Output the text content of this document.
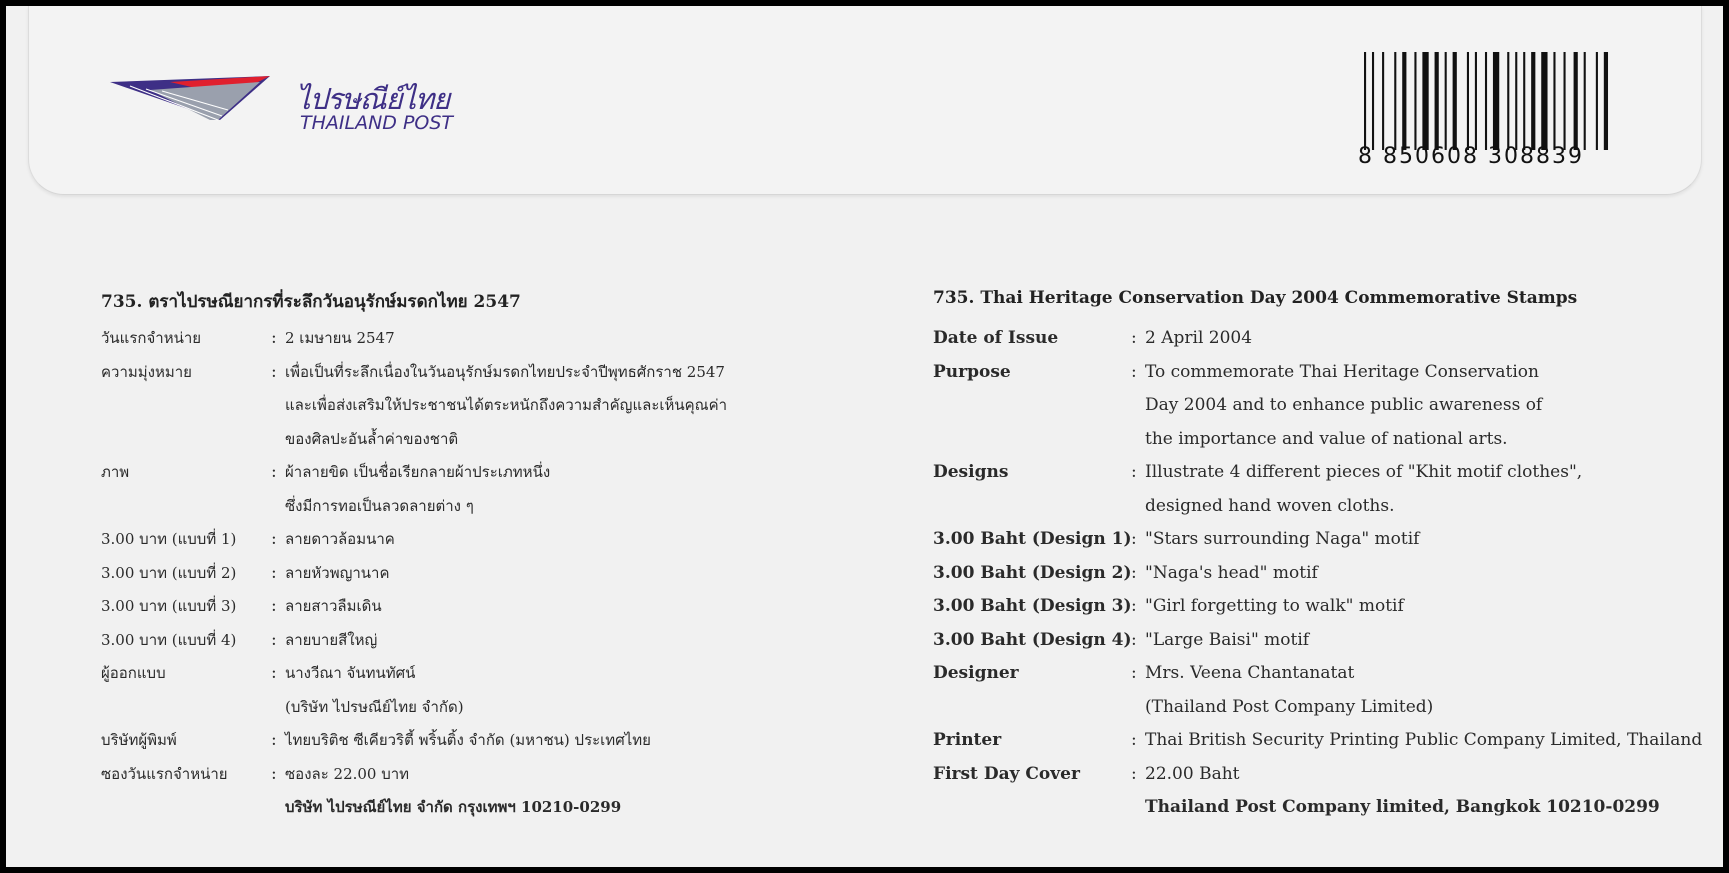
ไปรษณีย์ไทย
THAILAND POST
8 850608 308839
735. ตราไปรษณียากรที่ระลึกวันอนุรักษ์มรดกไทย 2547
วันแรกจำหน่าย	: 2 เมษายน 2547
ความมุ่งหมาย	: เพื่อเป็นที่ระลึกเนื่องในวันอนุรักษ์มรดกไทยประจำปีพุทธศักราช 2547
และเพื่อส่งเสริมให้ประชาชนได้ตระหนักถึงความสำคัญและเห็นคุณค่า
ของศิลปะอันล้ำค่าของชาติ
ภาพ	: ผ้าลายขิด เป็นชื่อเรียกลายผ้าประเภทหนึ่ง
ซึ่งมีการทอเป็นลวดลายต่าง ๆ
3.00 บาท (แบบที่ 1)	: ลายดาวล้อมนาค
3.00 บาท (แบบที่ 2)	: ลายหัวพญานาค
3.00 บาท (แบบที่ 3)	: ลายสาวลืมเดิน
3.00 บาท (แบบที่ 4)	: ลายบายสีใหญ่
ผู้ออกแบบ	: นางวีณา จันทนทัศน์
(บริษัท ไปรษณีย์ไทย จำกัด)
บริษัทผู้พิมพ์	: ไทยบริติช ซีเคียวริตี้ พริ้นติ้ง จำกัด (มหาชน) ประเทศไทย
ซองวันแรกจำหน่าย	: ซองละ 22.00 บาท
บริษัท ไปรษณีย์ไทย จำกัด กรุงเทพฯ 10210-0299
735. Thai Heritage Conservation Day 2004 Commemorative Stamps
Date of Issue	: 2 April 2004
Purpose	: To commemorate Thai Heritage Conservation
Day 2004 and to enhance public awareness of
the importance and value of national arts.
Designs	: Illustrate 4 different pieces of "Khit motif clothes",
designed hand woven cloths.
3.00 Baht (Design 1) : "Stars surrounding Naga" motif
3.00 Baht (Design 2) : "Naga's head" motif
3.00 Baht (Design 3) : "Girl forgetting to walk" motif
3.00 Baht (Design 4) : "Large Baisi" motif
Designer	: Mrs. Veena Chantanatat
(Thailand Post Company Limited)
Printer	: Thai British Security Printing Public Company Limited, Thailand
First Day Cover	: 22.00 Baht
Thailand Post Company limited, Bangkok 10210-0299
